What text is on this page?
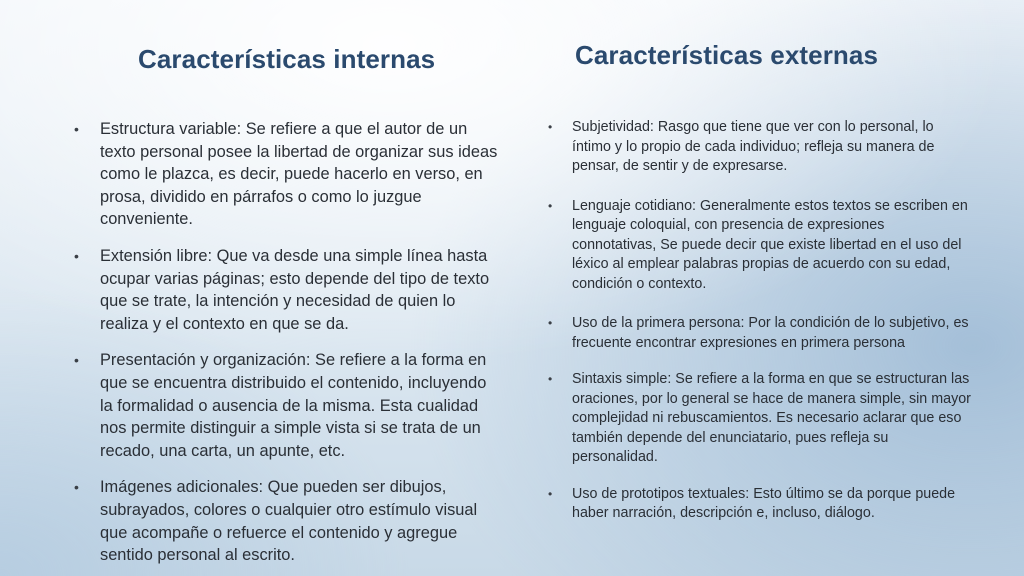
Características internas	Características externas
• Estructura variable: Se refiere a que el autor de un texto personal posee la libertad de organizar sus ideas como le plazca, es decir, puede hacerlo en verso, en prosa, dividido en párrafos o como lo juzgue conveniente.
• Extensión libre: Que va desde una simple línea hasta ocupar varias páginas; esto depende del tipo de texto que se trate, la intención y necesidad de quien lo realiza y el contexto en que se da.
• Presentación y organización: Se refiere a la forma en que se encuentra distribuido el contenido, incluyendo la formalidad o ausencia de la misma. Esta cualidad nos permite distinguir a simple vista si se trata de un recado, una carta, un apunte, etc.
• Imágenes adicionales: Que pueden ser dibujos, subrayados, colores o cualquier otro estímulo visual que acompañe o refuerce el contenido y agregue sentido personal al escrito.
• Subjetividad: Rasgo que tiene que ver con lo personal, lo íntimo y lo propio de cada individuo; refleja su manera de pensar, de sentir y de expresarse.
• Lenguaje cotidiano: Generalmente estos textos se escriben en lenguaje coloquial, con presencia de expresiones connotativas, Se puede decir que existe libertad en el uso del léxico al emplear palabras propias de acuerdo con su edad, condición o contexto.
• Uso de la primera persona: Por la condición de lo subjetivo, es frecuente encontrar expresiones en primera persona
• Sintaxis simple: Se refiere a la forma en que se estructuran las oraciones, por lo general se hace de manera simple, sin mayor complejidad ni rebuscamientos. Es necesario aclarar que eso también depende del enunciatario, pues refleja su personalidad.
• Uso de prototipos textuales: Esto último se da porque puede haber narración, descripción e, incluso, diálogo.
